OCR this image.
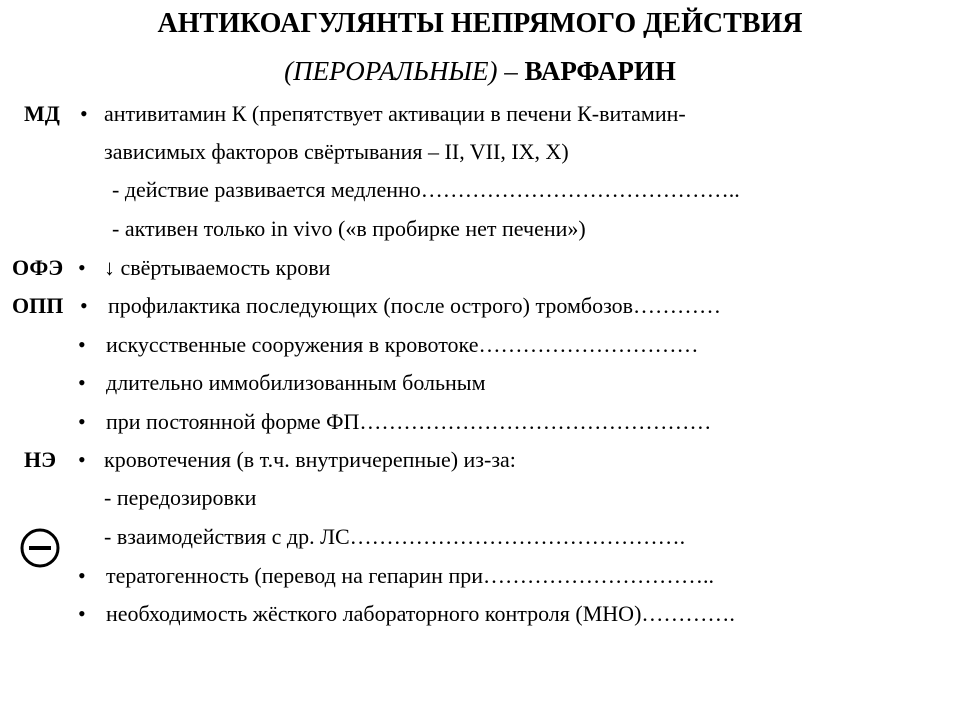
АНТИКОАГУЛЯНТЫ НЕПРЯМОГО ДЕЙСТВИЯ
(ПЕРОРАЛЬНЫЕ) – ВАРФАРИН
МД • антивитамин К (препятствует активации в печени К-витамин-
зависимых факторов свёртывания – II, VII, IX, X)
- действие развивается медленно……………………………………..
- активен только in vivo («в пробирке нет печени»)
ОФЭ • ↓ свёртываемость крови
ОПП • профилактика последующих (после острого) тромбозов…………
• искусственные сооружения в кровотоке…………………………
• длительно иммобилизованным больным
• при постоянной форме ФП…………………………………………
НЭ • кровотечения (в т.ч. внутричерепные) из-за:
- передозировки
- взаимодействия с др. ЛС……………………………………….
• тератогенность (перевод на гепарин при…………………………..
• необходимость жёсткого лабораторного контроля (МНО)………….
